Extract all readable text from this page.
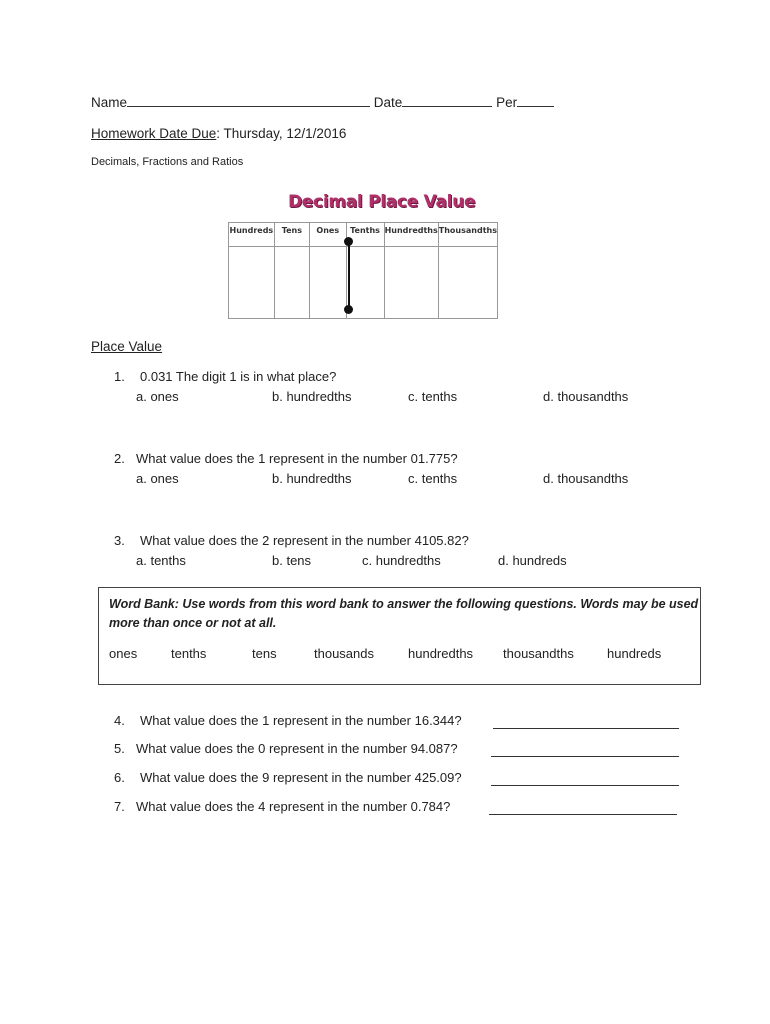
Name	Date	Per
Homework Date Due: Thursday, 12/1/2016
Decimals, Fractions and Ratios
Decimal Place Value
Hundreds	Tens	Ones	Tenths	Hundredths	Thousandths

Place Value
1. 0.031 The digit 1 is in what place?
a. ones	b. hundredths	c. tenths	d. thousandths
2. What value does the 1 represent in the number 01.775?
a. ones	b. hundredths	c. tenths	d. thousandths
3. What value does the 2 represent in the number 4105.82?
a. tenths	b. tens	c. hundredths	d. hundreds
Word Bank: Use words from this word bank to answer the following questions. Words may be used
more than once or not at all.
ones	tenths	tens	thousands	hundredths thousandths	hundreds
4. What value does the 1 represent in the number 16.344?
5. What value does the 0 represent in the number 94.087?
6. What value does the 9 represent in the number 425.09?
7. What value does the 4 represent in the number 0.784?
